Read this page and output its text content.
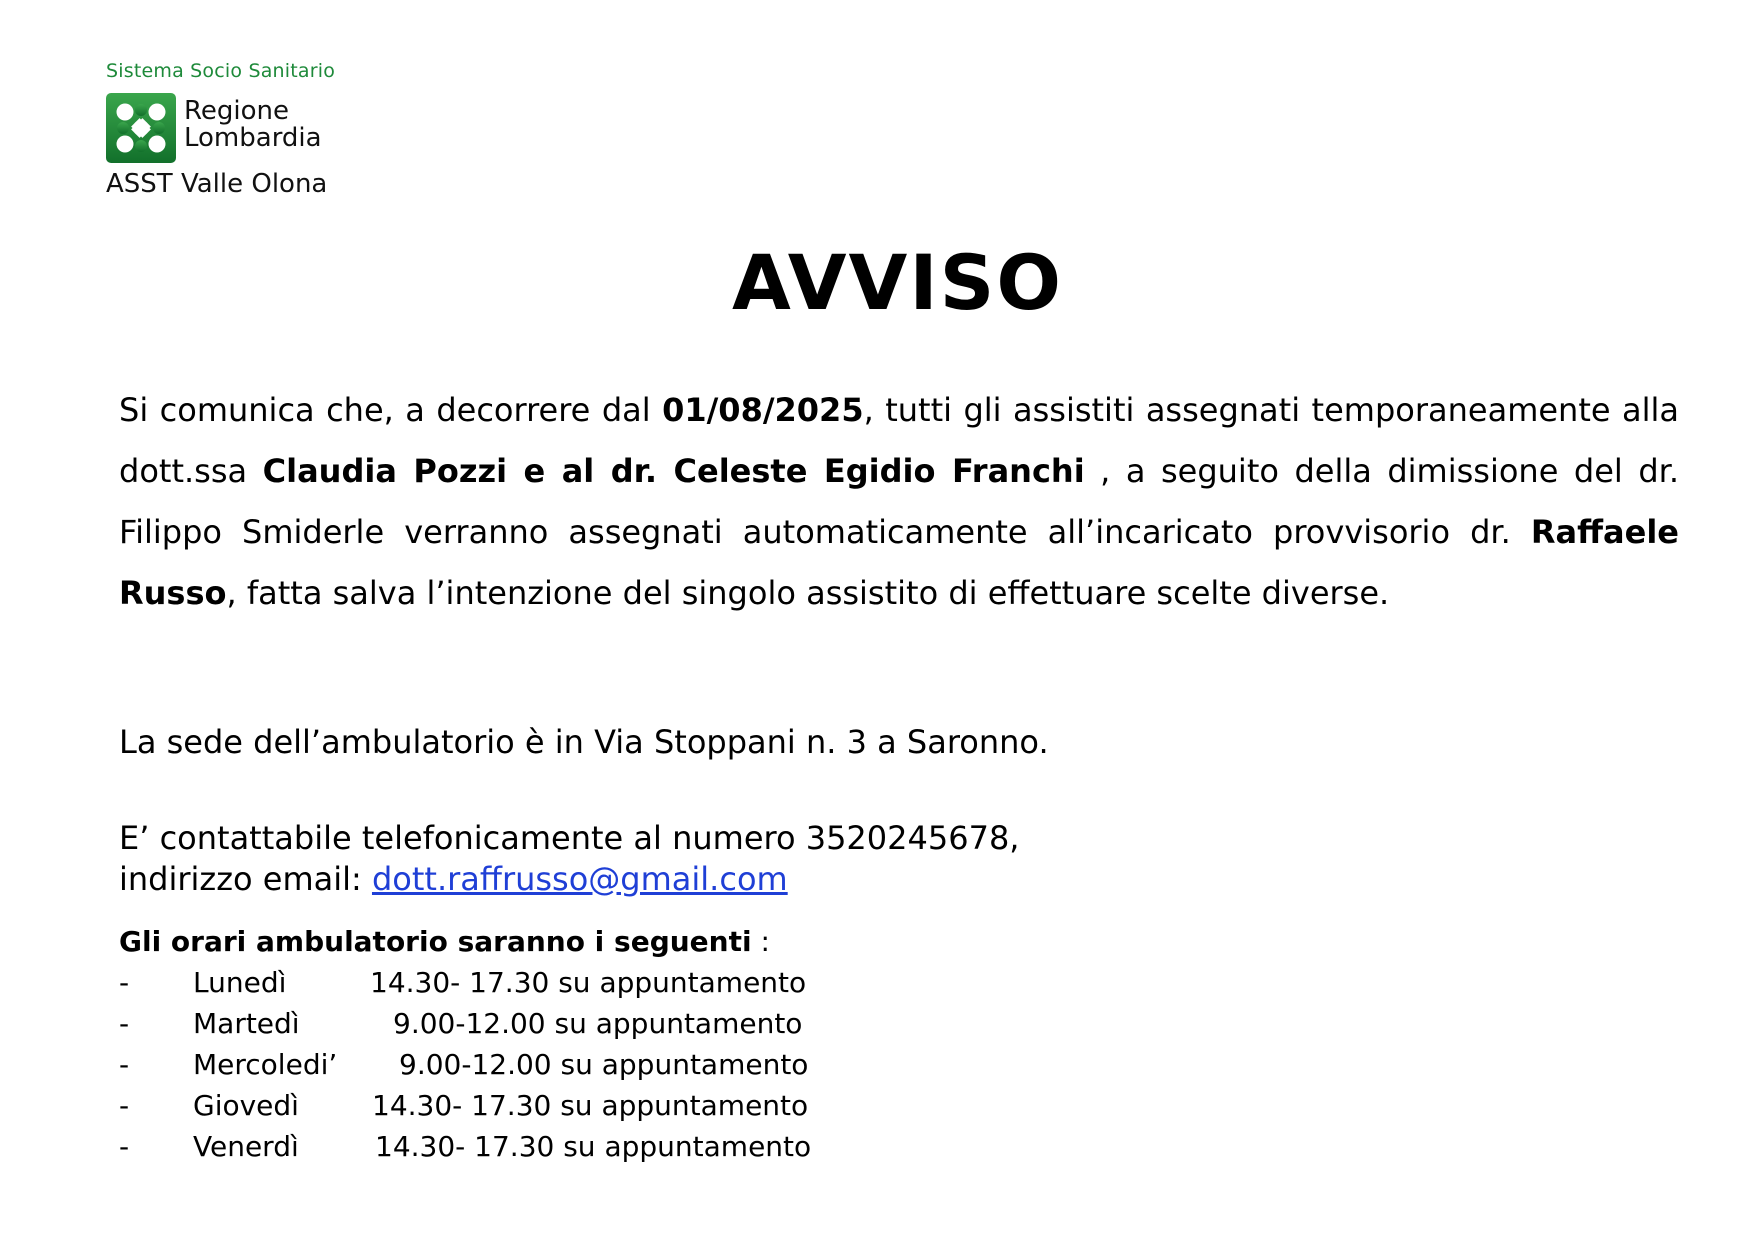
Sistema Socio Sanitario
Regione
Lombardia
ASST Valle Olona
AVVISO

Si comunica che, a decorrere dal 01/08/2025, tutti gli assistiti assegnati temporaneamente alla dott.ssa Claudia Pozzi e al dr. Celeste Egidio Franchi , a seguito della dimissione del dr. Filippo Smiderle verranno assegnati automaticamente all’incaricato provvisorio dr. Raffaele Russo, fatta salva l’intenzione del singolo assistito di effettuare scelte diverse.

La sede dell’ambulatorio è in Via Stoppani n. 3 a Saronno.
E’ contattabile telefonicamente al numero 3520245678,
indirizzo email: dott.raffrusso@gmail.com
Gli orari ambulatorio saranno i seguenti :
- Lunedì	14.30- 17.30 su appuntamento
- Martedì	9.00-12.00 su appuntamento
- Mercoledi’ 9.00-12.00 su appuntamento
- Giovedì	14.30- 17.30 su appuntamento
- Venerdì	14.30- 17.30 su appuntamento
